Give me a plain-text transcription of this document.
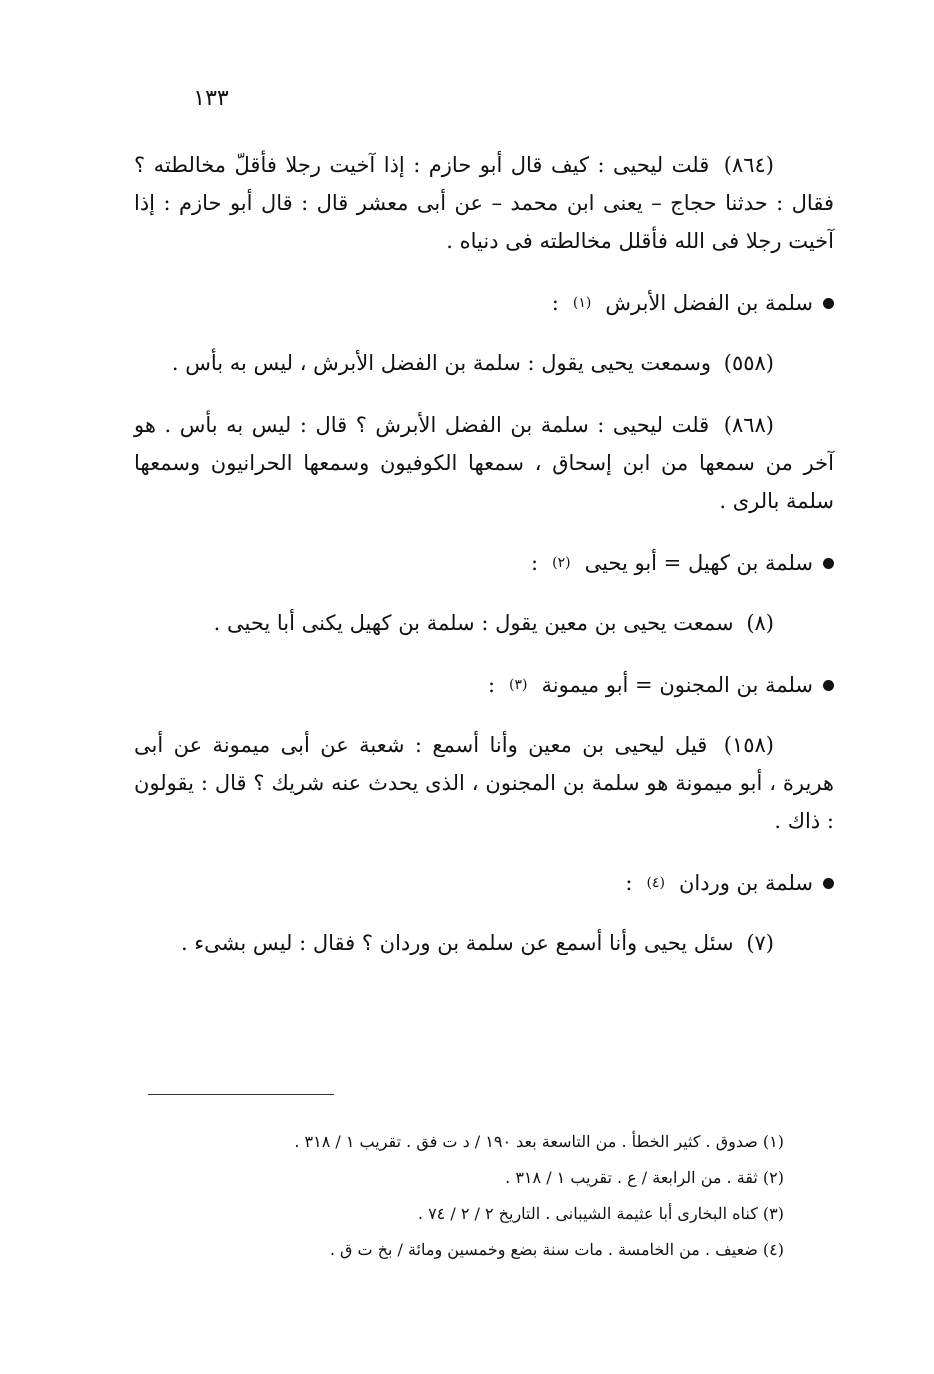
١٣٣

(٨٦٤) قلت ليحيى : كيف قال أبو حازم : إذا آخيت رجلا فأقلّ مخالطته ؟ فقال : حدثنا حجاج – يعنى ابن محمد – عن أبى معشر قال : قال أبو حازم : إذا آخيت رجلا فى الله فأقلل مخالطته فى دنياه .

سلمة بن الفضل الأبرش
(١)
:

(٥٥٨) وسمعت يحيى يقول : سلمة بن الفضل الأبرش ، ليس به بأس .

(٨٦٨) قلت ليحيى : سلمة بن الفضل الأبرش ؟ قال : ليس به بأس . هو آخر من سمعها من ابن إسحاق ، سمعها الكوفيون وسمعها الحرانيون وسمعها سلمة بالرى .

سلمة بن كهيل = أبو يحيى
(٢)
:

(٨) سمعت يحيى بن معين يقول : سلمة بن كهيل يكنى أبا يحيى .

سلمة بن المجنون = أبو ميمونة
(٣)
:

(١٥٨) قيل ليحيى بن معين وأنا أسمع : شعبة عن أبى ميمونة عن أبى هريرة ، أبو ميمونة هو سلمة بن المجنون ، الذى يحدث عنه شريك ؟ قال : يقولون : ذاك .

سلمة بن وردان
(٤)
:

(٧) سئل يحيى وأنا أسمع عن سلمة بن وردان ؟ فقال : ليس بشىء .

(١) صدوق . كثير الخطأ . من التاسعة بعد ١٩٠ / د ت فق . تقريب ١ / ٣١٨ .

(٢) ثقة . من الرابعة / ع . تقريب ١ / ٣١٨ .

(٣) كناه البخارى أبا عثيمة الشيبانى . التاريخ ٢ / ٢ / ٧٤ .

(٤) ضعيف . من الخامسة . مات سنة بضع وخمسين ومائة / بخ ت ق .
